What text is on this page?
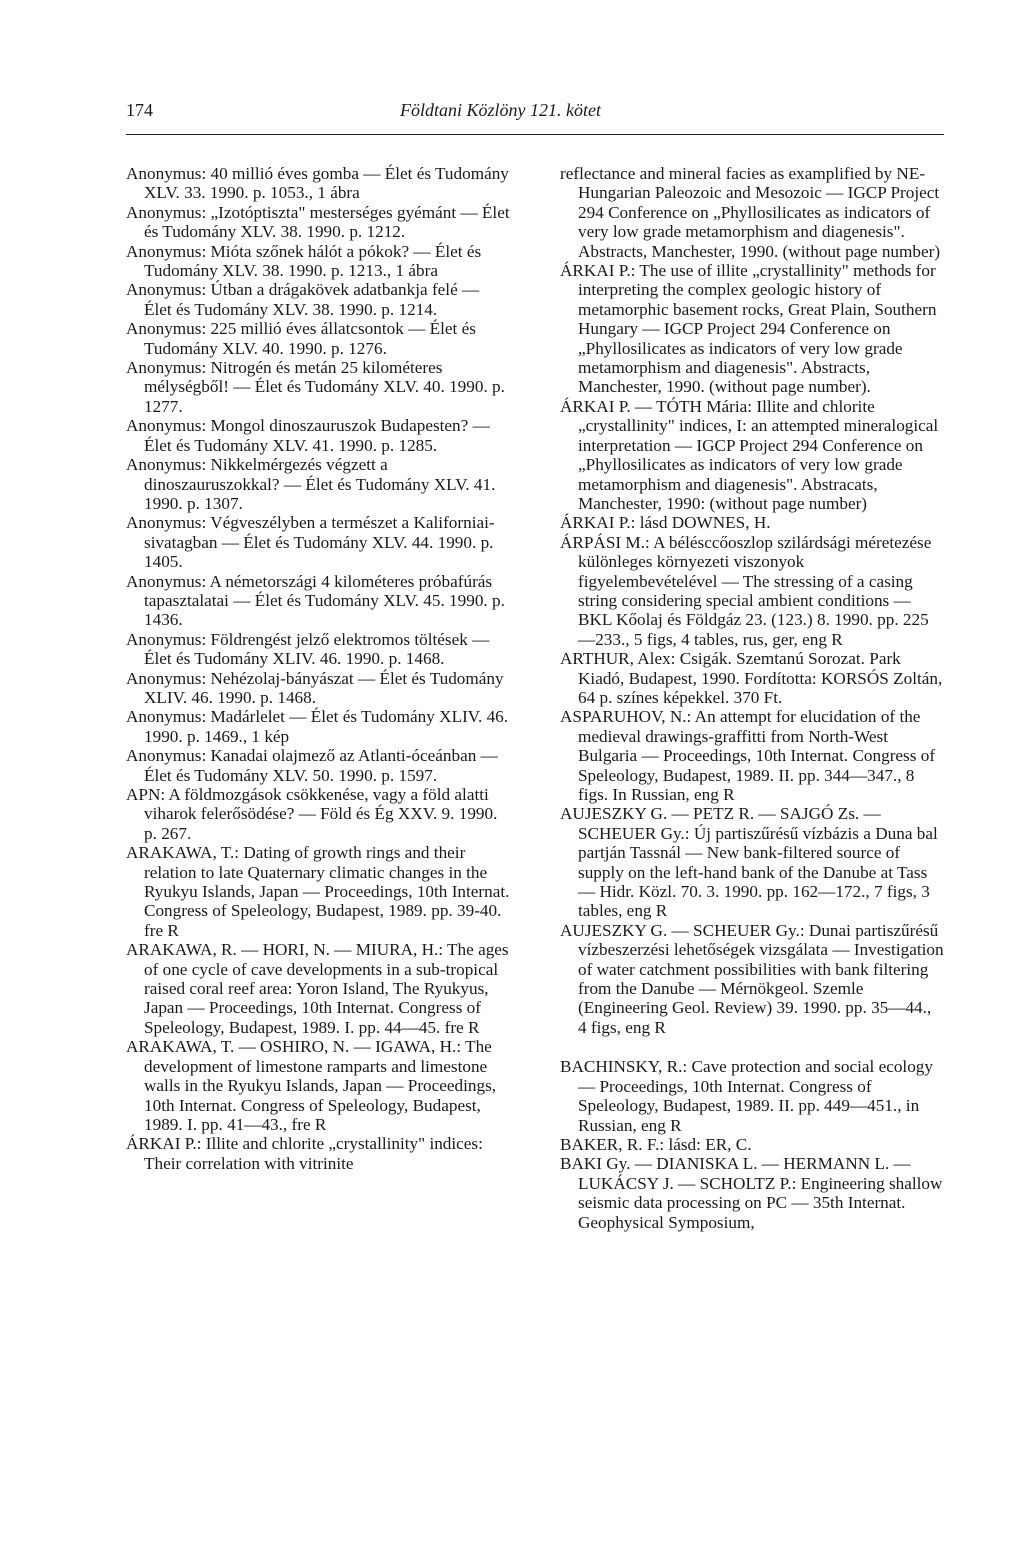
174	Földtani Közlöny 121. kötet

Anonymus: 40 millió éves gomba — Élet és Tudomány XLV. 33. 1990. p. 1053., 1 ábra

Anonymus: „Izotóptiszta" mesterséges gyémánt — Élet és Tudomány XLV. 38. 1990. p. 1212.

Anonymus: Mióta szőnek hálót a pókok? — Élet és Tudomány XLV. 38. 1990. p. 1213., 1 ábra

Anonymus: Útban a drágakövek adatbankja felé — Élet és Tudomány XLV. 38. 1990. p. 1214.

Anonymus: 225 millió éves állatcsontok — Élet és Tudomány XLV. 40. 1990. p. 1276.

Anonymus: Nitrogén és metán 25 kilométeres mélységből! — Élet és Tudomány XLV. 40. 1990. p. 1277.

Anonymus: Mongol dinoszauruszok Budapesten? — Élet és Tudomány XLV. 41. 1990. p. 1285.

Anonymus: Nikkelmérgezés végzett a dinoszauruszokkal? — Élet és Tudomány XLV. 41. 1990. p. 1307.

Anonymus: Végveszélyben a természet a Kaliforniai-sivatagban — Élet és Tudomány XLV. 44. 1990. p. 1405.

Anonymus: A németországi 4 kilométeres próbafúrás tapasztalatai — Élet és Tudomány XLV. 45. 1990. p. 1436.

Anonymus: Földrengést jelző elektromos töltések — Élet és Tudomány XLIV. 46. 1990. p. 1468.

Anonymus: Nehézolaj-bányászat — Élet és Tudomány XLIV. 46. 1990. p. 1468.

Anonymus: Madárlelet — Élet és Tudomány XLIV. 46. 1990. p. 1469., 1 kép

Anonymus: Kanadai olajmező az Atlanti-óceánban — Élet és Tudomány XLV. 50. 1990. p. 1597.

APN: A földmozgások csökkenése, vagy a föld alatti viharok felerősödése? — Föld és Ég XXV. 9. 1990. p. 267.

ARAKAWA, T.: Dating of growth rings and their relation to late Quaternary climatic changes in the Ryukyu Islands, Japan — Proceedings, 10th Internat. Congress of Speleology, Budapest, 1989. pp. 39-40. fre R

ARAKAWA, R. — HORI, N. — MIURA, H.: The ages of one cycle of cave developments in a sub-tropical raised coral reef area: Yoron Island, The Ryukyus, Japan — Proceedings, 10th Internat. Congress of Speleology, Budapest, 1989. I. pp. 44—45. fre R

ARAKAWA, T. — OSHIRO, N. — IGAWA, H.: The development of limestone ramparts and limestone walls in the Ryukyu Islands, Japan — Proceedings, 10th Internat. Congress of Speleology, Budapest, 1989. I. pp. 41—43., fre R

ÁRKAI P.: Illite and chlorite „crystallinity" indices: Their correlation with vitrinite

reflectance and mineral facies as examplified by NE-Hungarian Paleozoic and Mesozoic — IGCP Project 294 Conference on „Phyllosilicates as indicators of very low grade metamorphism and diagenesis". Abstracts, Manchester, 1990. (without page number)

ÁRKAI P.: The use of illite „crystallinity" methods for interpreting the complex geologic history of metamorphic basement rocks, Great Plain, Southern Hungary — IGCP Project 294 Conference on „Phyllosilicates as indicators of very low grade metamorphism and diagenesis". Abstracts, Manchester, 1990. (without page number).

ÁRKAI P. — TÓTH Mária: Illite and chlorite „crystallinity" indices, I: an attempted mineralogical interpretation — IGCP Project 294 Conference on „Phyllosilicates as indicators of very low grade metamorphism and diagenesis". Abstracats, Manchester, 1990: (without page number)

ÁRKAI P.: lásd DOWNES, H.

ÁRPÁSI M.: A bélésccőoszlop szilárdsági méretezése különleges környezeti viszonyok figyelembevételével — The stressing of a casing string considering special ambient conditions — BKL Kőolaj és Földgáz 23. (123.) 8. 1990. pp. 225—233., 5 figs, 4 tables, rus, ger, eng R

ARTHUR, Alex: Csigák. Szemtanú Sorozat. Park Kiadó, Budapest, 1990. Fordította: KORSÓS Zoltán, 64 p. színes képekkel. 370 Ft.

ASPARUHOV, N.: An attempt for elucidation of the medieval drawings-graffitti from North-West Bulgaria — Proceedings, 10th Internat. Congress of Speleology, Budapest, 1989. II. pp. 344—347., 8 figs. In Russian, eng R

AUJESZKY G. — PETZ R. — SAJGÓ Zs. — SCHEUER Gy.: Új partiszűrésű vízbázis a Duna bal partján Tassnál — New bank-filtered source of supply on the left-hand bank of the Danube at Tass — Hidr. Közl. 70. 3. 1990. pp. 162—172., 7 figs, 3 tables, eng R

AUJESZKY G. — SCHEUER Gy.: Dunai partiszűrésű vízbeszerzési lehetőségek vizsgálata — Investigation of water catchment possibilities with bank filtering from the Danube — Mérnökgeol. Szemle (Engineering Geol. Review) 39. 1990. pp. 35—44., 4 figs, eng R

BACHINSKY, R.: Cave protection and social ecology — Proceedings, 10th Internat. Congress of Speleology, Budapest, 1989. II. pp. 449—451., in Russian, eng R

BAKER, R. F.: lásd: ER, C.

BAKI Gy. — DIANISKA L. — HERMANN L. — LUKÁCSY J. — SCHOLTZ P.: Engineering shallow seismic data processing on PC — 35th Internat. Geophysical Symposium,
